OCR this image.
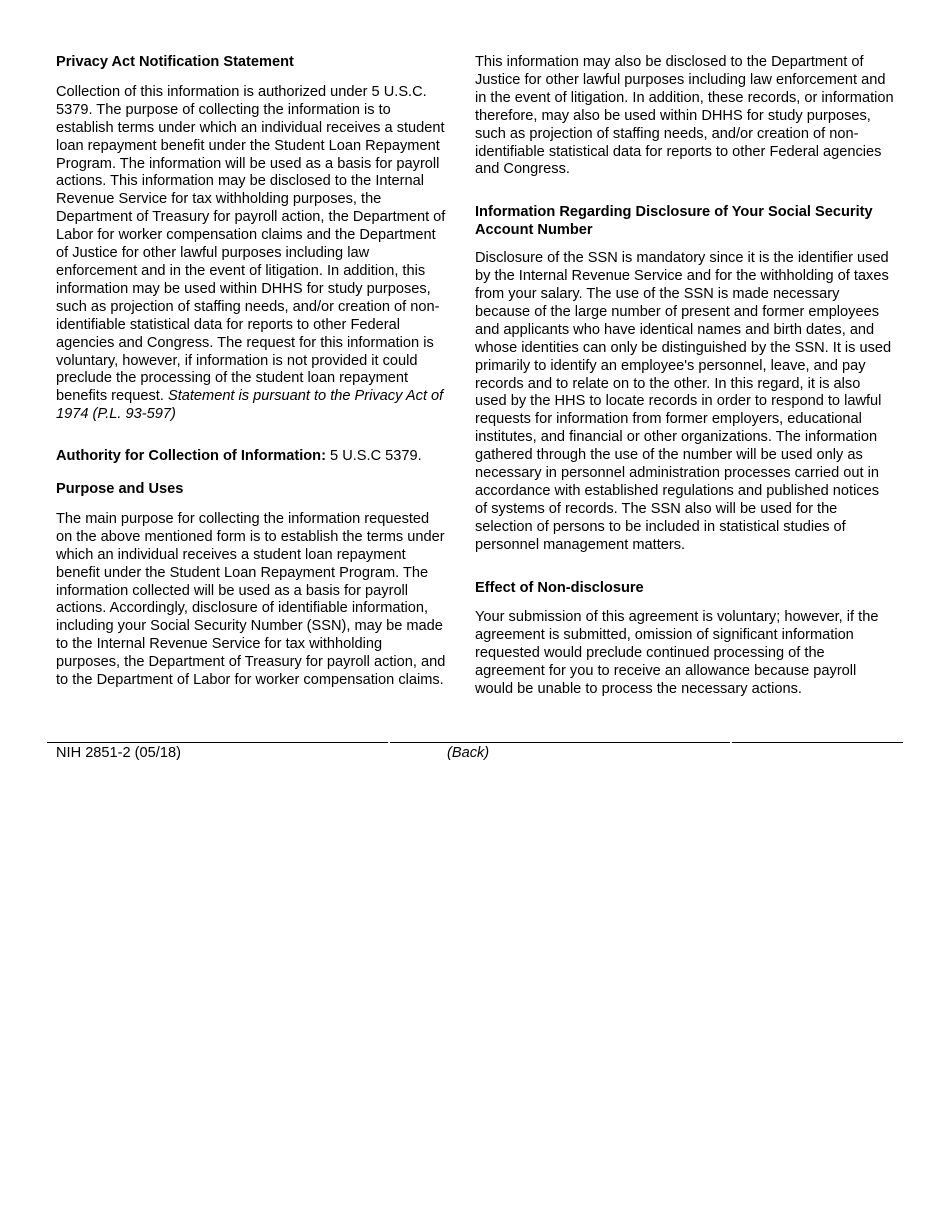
Privacy Act Notification Statement

Collection of this information is authorized under 5 U.S.C. 5379. The purpose of collecting the information is to establish terms under which an individual receives a student loan repayment benefit under the Student Loan Repayment Program. The information will be used as a basis for payroll actions. This information may be disclosed to the Internal Revenue Service for tax withholding purposes, the Department of Treasury for payroll action, the Department of Labor for worker compensation claims and the Department of Justice for other lawful purposes including law enforcement and in the event of litigation. In addition, this information may be used within DHHS for study purposes, such as projection of staffing needs, and/or creation of non-identifiable statistical data for reports to other Federal agencies and Congress. The request for this information is voluntary, however, if information is not provided it could preclude the processing of the student loan repayment benefits request. Statement is pursuant to the Privacy Act of 1974 (P.L. 93-597)

Authority for Collection of Information: 5 U.S.C 5379.

Purpose and Uses

The main purpose for collecting the information requested on the above mentioned form is to establish the terms under which an individual receives a student loan repayment benefit under the Student Loan Repayment Program. The information collected will be used as a basis for payroll actions. Accordingly, disclosure of identifiable information, including your Social Security Number (SSN), may be made to the Internal Revenue Service for tax withholding purposes, the Department of Treasury for payroll action, and to the Department of Labor for worker compensation claims.

This information may also be disclosed to the Department of Justice for other lawful purposes including law enforcement and in the event of litigation. In addition, these records, or information therefore, may also be used within DHHS for study purposes, such as projection of staffing needs, and/or creation of non-identifiable statistical data for reports to other Federal agencies and Congress.

Information Regarding Disclosure of Your Social Security Account Number

Disclosure of the SSN is mandatory since it is the identifier used by the Internal Revenue Service and for the withholding of taxes from your salary. The use of the SSN is made necessary because of the large number of present and former employees and applicants who have identical names and birth dates, and whose identities can only be distinguished by the SSN. It is used primarily to identify an employee's personnel, leave, and pay records and to relate on to the other. In this regard, it is also used by the HHS to locate records in order to respond to lawful requests for information from former employers, educational institutes, and financial or other organizations. The information gathered through the use of the number will be used only as necessary in personnel administration processes carried out in accordance with established regulations and published notices of systems of records. The SSN also will be used for the selection of persons to be included in statistical studies of personnel management matters.

Effect of Non-disclosure

Your submission of this agreement is voluntary; however, if the agreement is submitted, omission of significant information requested would preclude continued processing of the agreement for you to receive an allowance because payroll would be unable to process the necessary actions.

NIH 2851-2 (05/18)	(Back)
